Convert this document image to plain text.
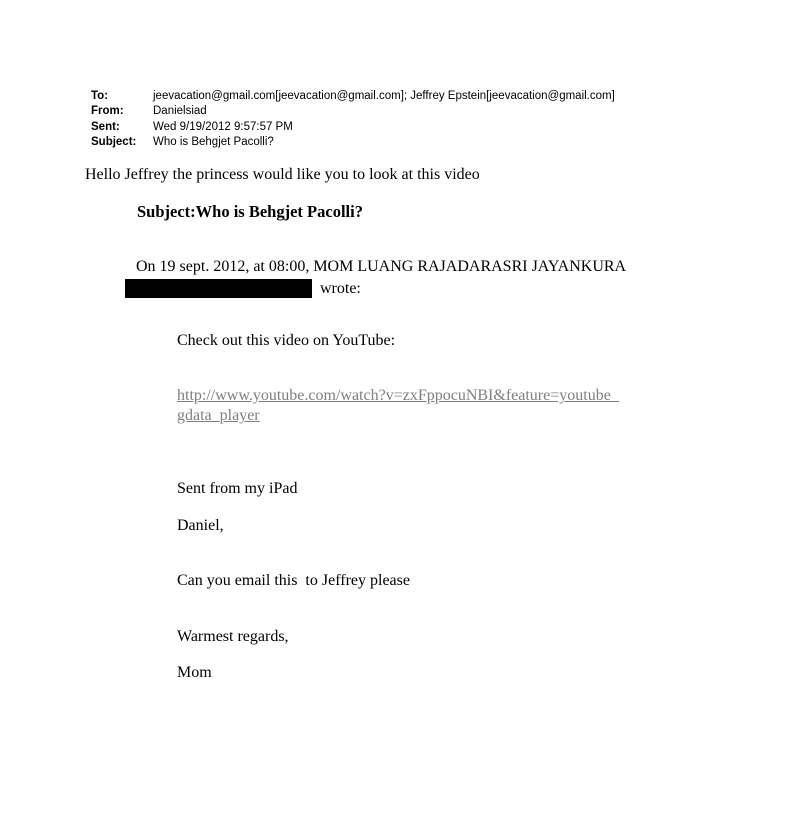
To:	jeevacation@gmail.com[jeevacation@gmail.com]; Jeffrey Epstein[jeevacation@gmail.com]
From:	Danielsiad
Sent:	Wed 9/19/2012 9:57:57 PM
Subject: Who is Behgjet Pacolli?
Hello Jeffrey the princess would like you to look at this video
Subject:Who is Behgjet Pacolli?
On 19 sept. 2012, at 08:00, MOM LUANG RAJADARASRI JAYANKURA
wrote:
Check out this video on YouTube:
http://www.youtube.com/watch?v=zxFppocuNBI&feature=youtube_
gdata_player
Sent from my iPad
Daniel,
Can you email this  to Jeffrey please
Warmest regards,
Mom
